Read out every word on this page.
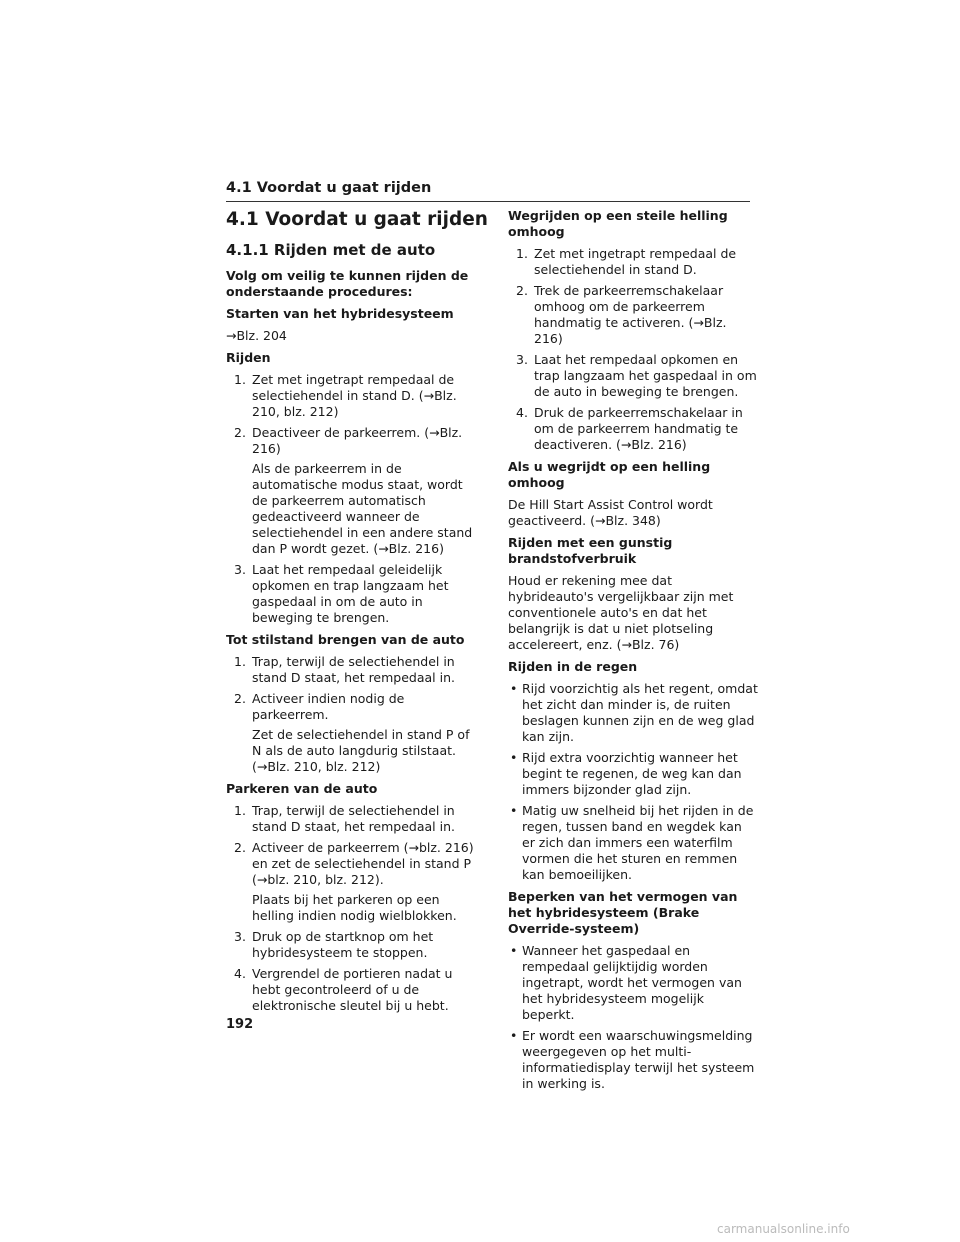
4.1 Voordat u gaat rijden
4.1 Voordat u gaat rijden
4.1.1 Rijden met de auto
Volg om veilig te kunnen rijden de onderstaande procedures:
Starten van het hybridesysteem
→Blz. 204
Rijden
1. Zet met ingetrapt rempedaal de selectiehendel in stand D. (→Blz. 210, blz. 212)
2. Deactiveer de parkeerrem. (→Blz. 216)
Als de parkeerrem in de automatische modus staat, wordt de parkeerrem automatisch gedeactiveerd wanneer de selectiehendel in een andere stand dan P wordt gezet. (→Blz. 216)
3. Laat het rempedaal geleidelijk opkomen en trap langzaam het gaspedaal in om de auto in beweging te brengen.
Tot stilstand brengen van de auto
1. Trap, terwijl de selectiehendel in stand D staat, het rempedaal in.
2. Activeer indien nodig de parkeerrem.
Zet de selectiehendel in stand P of N als de auto langdurig stilstaat. (→Blz. 210, blz. 212)
Parkeren van de auto
1. Trap, terwijl de selectiehendel in stand D staat, het rempedaal in.
2. Activeer de parkeerrem (→blz. 216) en zet de selectiehendel in stand P (→blz. 210, blz. 212).
Plaats bij het parkeren op een helling indien nodig wielblokken.
3. Druk op de startknop om het hybridesysteem te stoppen.
4. Vergrendel de portieren nadat u hebt gecontroleerd of u de elektronische sleutel bij u hebt.
Wegrijden op een steile helling omhoog
1. Zet met ingetrapt rempedaal de selectiehendel in stand D.
2. Trek de parkeerremschakelaar omhoog om de parkeerrem handmatig te activeren. (→Blz. 216)
3. Laat het rempedaal opkomen en trap langzaam het gaspedaal in om de auto in beweging te brengen.
4. Druk de parkeerremschakelaar in om de parkeerrem handmatig te deactiveren. (→Blz. 216)
Als u wegrijdt op een helling omhoog
De Hill Start Assist Control wordt geactiveerd. (→Blz. 348)
Rijden met een gunstig brandstofverbruik
Houd er rekening mee dat hybrideauto's vergelijkbaar zijn met conventionele auto's en dat het belangrijk is dat u niet plotseling accelereert, enz. (→Blz. 76)
Rijden in de regen
• Rijd voorzichtig als het regent, omdat het zicht dan minder is, de ruiten beslagen kunnen zijn en de weg glad kan zijn.
• Rijd extra voorzichtig wanneer het begint te regenen, de weg kan dan immers bijzonder glad zijn.
• Matig uw snelheid bij het rijden in de regen, tussen band en wegdek kan er zich dan immers een waterfilm vormen die het sturen en remmen kan bemoeilijken.
Beperken van het vermogen van het hybridesysteem (Brake Override-systeem)
• Wanneer het gaspedaal en rempedaal gelijktijdig worden ingetrapt, wordt het vermogen van het hybridesysteem mogelijk beperkt.
• Er wordt een waarschuwingsmelding weergegeven op het multi-informatiedisplay terwijl het systeem in werking is.
192
carmanualsonline.info
